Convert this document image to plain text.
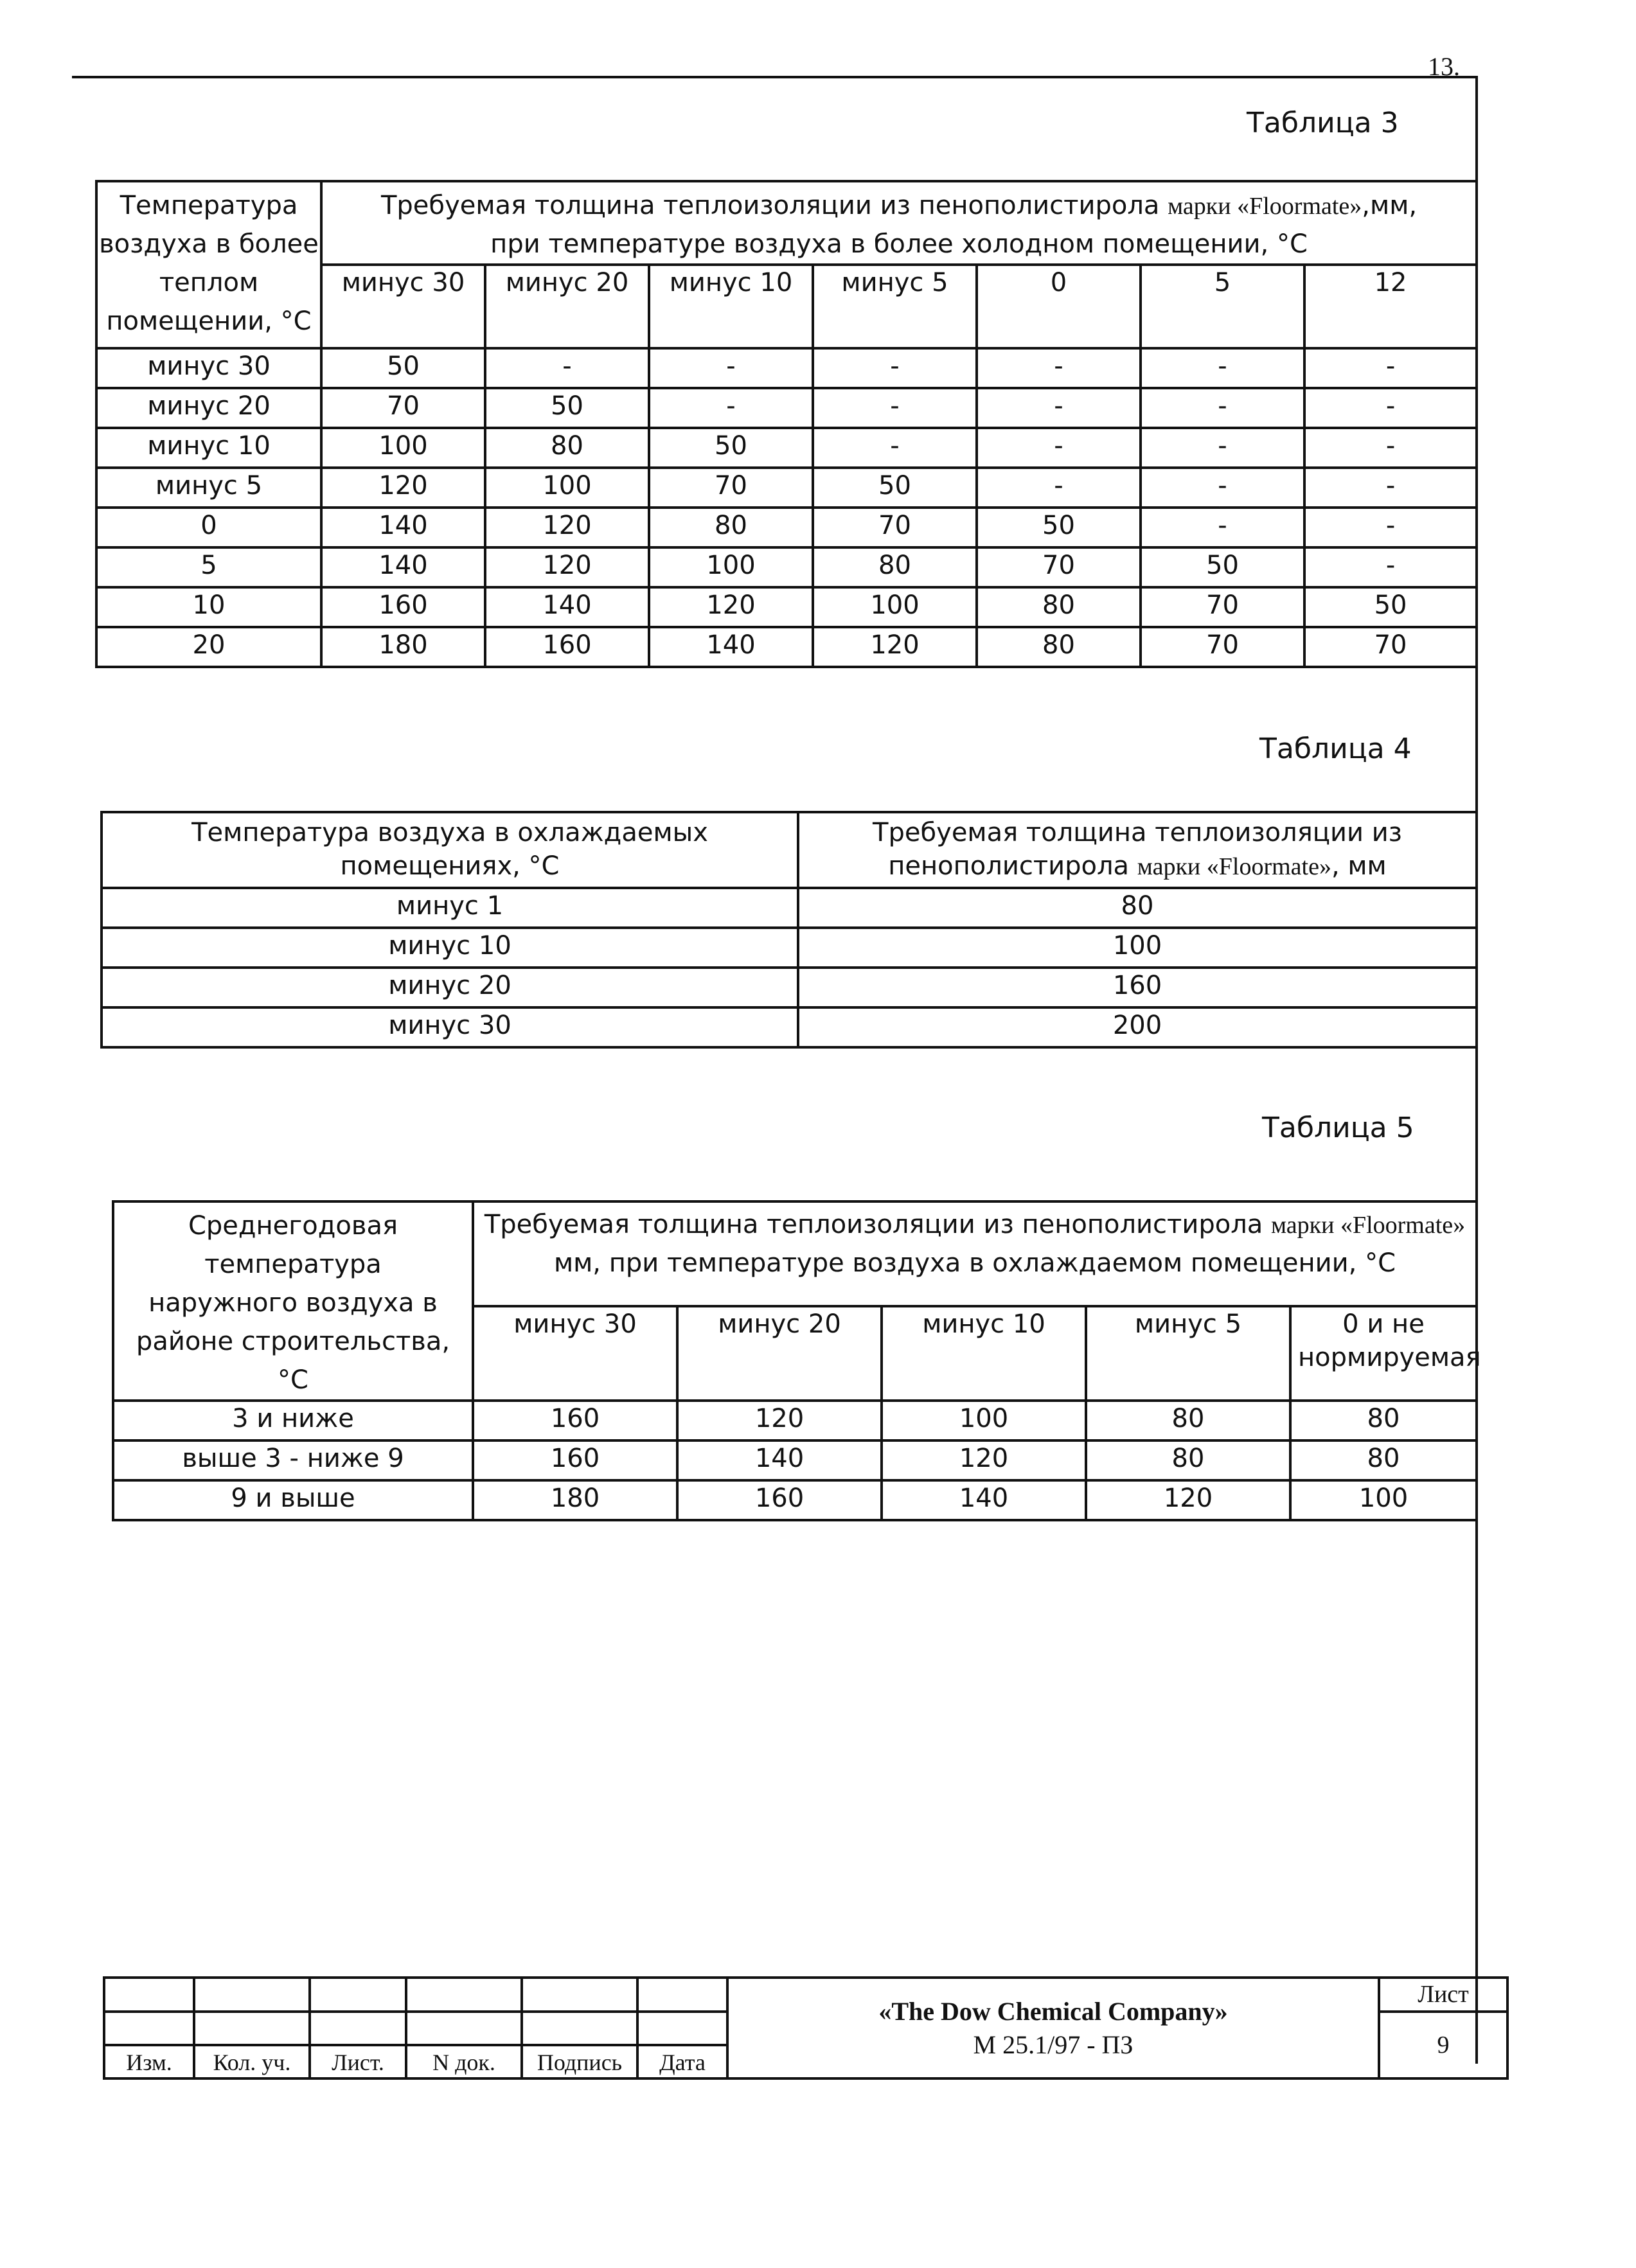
13.
Таблица 3
Температура воздуха в более теплом помещении, °С	Требуемая толщина теплоизоляции из пенополистирола марки «Floormate»,мм,
при температуре воздуха в более холодном помещении, °С						
	минус 30	минус 20	минус 10	минус 5	0	5	12
минус 30	50	-	-	-	-	-	-
минус 20	70	50	-	-	-	-	-
минус 10	100	80	50	-	-	-	-
минус 5	120	100	70	50	-	-	-
0	140	120	80	70	50	-	-
5	140	120	100	80	70	50	-
10	160	140	120	100	80	70	50
20	180	160	140	120	80	70	70
Таблица 4
Температура воздуха в охлаждаемых помещениях, °С	Требуемая толщина теплоизоляции из пенополистирола марки «Floormate», мм
минус 1	80
минус 10	100
минус 20	160
минус 30	200
Таблица 5
Среднегодовая температура наружного воздуха в районе строительства, °С	Требуемая толщина теплоизоляции из пенополистирола марки «Floormate»
мм, при температуре воздуха в охлаждаемом помещении, °С				
	минус 30	минус 20	минус 10	минус 5	0 и не нормируемая
3 и ниже	160	120	100	80	80
выше 3 - ниже 9	160	140	120	80	80
9 и выше	180	160	140	120	100

						«The Dow Chemical Company»
М 25.1/97 - ПЗ	Лист
							9
Изм.	Кол. уч.	Лист.	N док.	Подпись	Дата		
